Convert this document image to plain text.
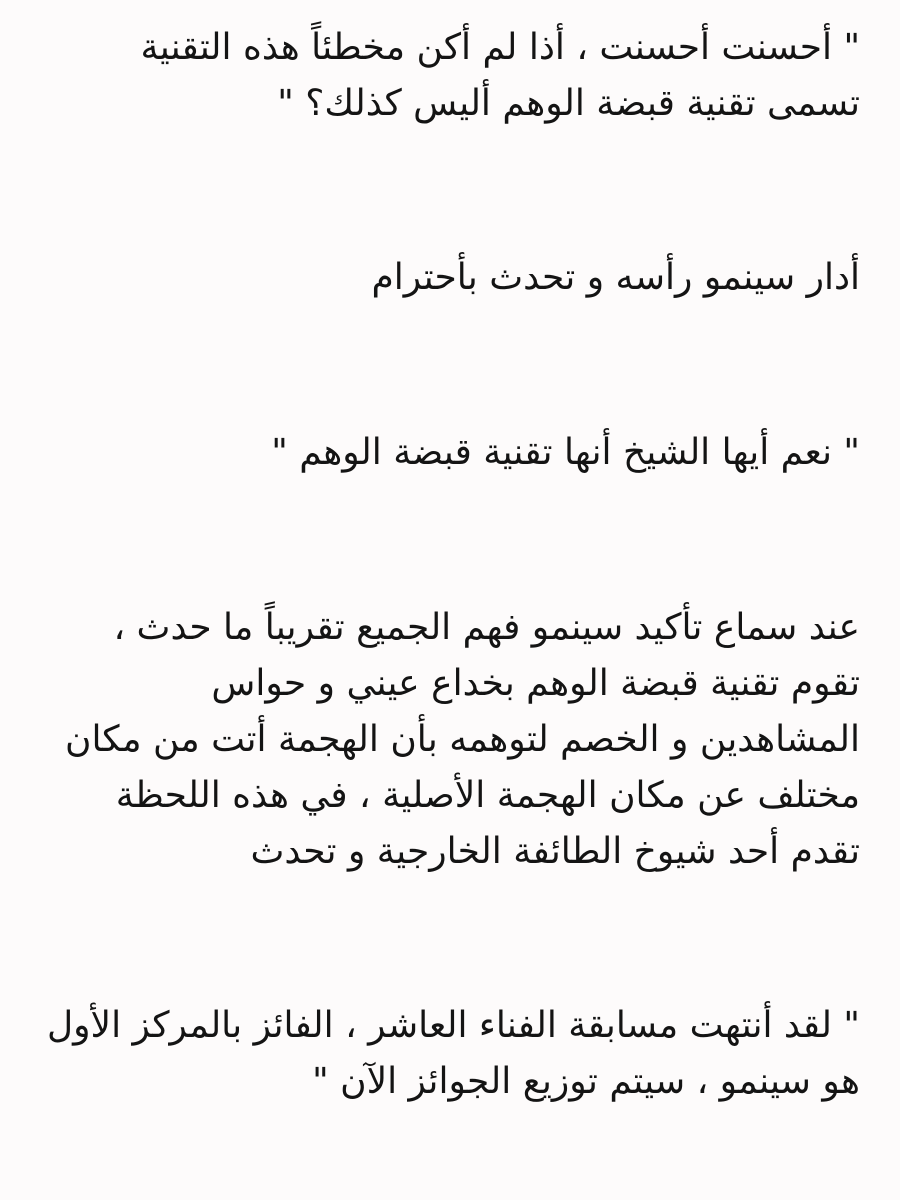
" أحسنت أحسنت ، أذا لم أكن مخطئاً هذه التقنية
تسمى تقنية قبضة الوهم أليس كذلك؟ "

أدار سينمو رأسه و تحدث بأحترام

" نعم أيها الشيخ أنها تقنية قبضة الوهم "

عند سماع تأكيد سينمو فهم الجميع تقريباً ما حدث ،
تقوم تقنية قبضة الوهم بخداع عيني و حواس
المشاهدين و الخصم لتوهمه بأن الهجمة أتت من مكان
مختلف عن مكان الهجمة الأصلية ، في هذه اللحظة
تقدم أحد شيوخ الطائفة الخارجية و تحدث

" لقد أنتهت مسابقة الفناء العاشر ، الفائز بالمركز الأول
هو سينمو ، سيتم توزيع الجوائز الآن "
